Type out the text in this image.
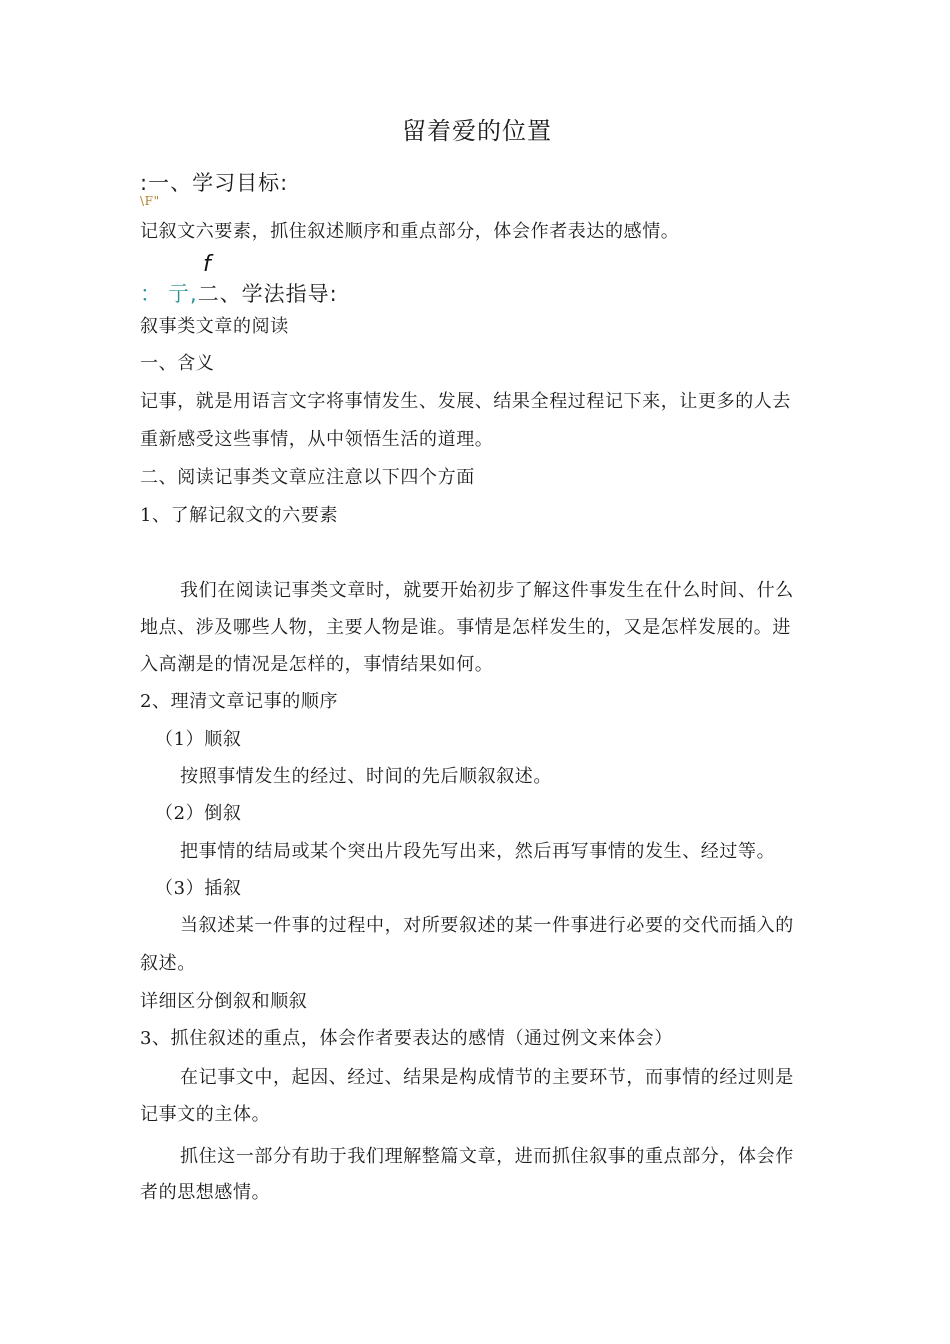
留着爱的位置
:一、学习目标:
\F"
记叙文六要素，抓住叙述顺序和重点部分，体会作者表达的感情。
f
： 亍,二、学法指导:
叙事类文章的阅读
一、含义
记事，就是用语言文字将事情发生、发展、结果全程过程记下来，让更多的人去
重新感受这些事情，从中领悟生活的道理。
二、阅读记事类文章应注意以下四个方面
1、了解记叙文的六要素
我们在阅读记事类文章时，就要开始初步了解这件事发生在什么时间、什么
地点、涉及哪些人物，主要人物是谁。事情是怎样发生的，又是怎样发展的。进
入高潮是的情况是怎样的，事情结果如何。
2、理清文章记事的顺序
（1）顺叙
按照事情发生的经过、时间的先后顺叙叙述。
（2）倒叙
把事情的结局或某个突出片段先写出来，然后再写事情的发生、经过等。
（3）插叙
当叙述某一件事的过程中，对所要叙述的某一件事进行必要的交代而插入的
叙述。
详细区分倒叙和顺叙
3、抓住叙述的重点，体会作者要表达的感情（通过例文来体会）
在记事文中，起因、经过、结果是构成情节的主要环节，而事情的经过则是
记事文的主体。
抓住这一部分有助于我们理解整篇文章，进而抓住叙事的重点部分，体会作
者的思想感情。
